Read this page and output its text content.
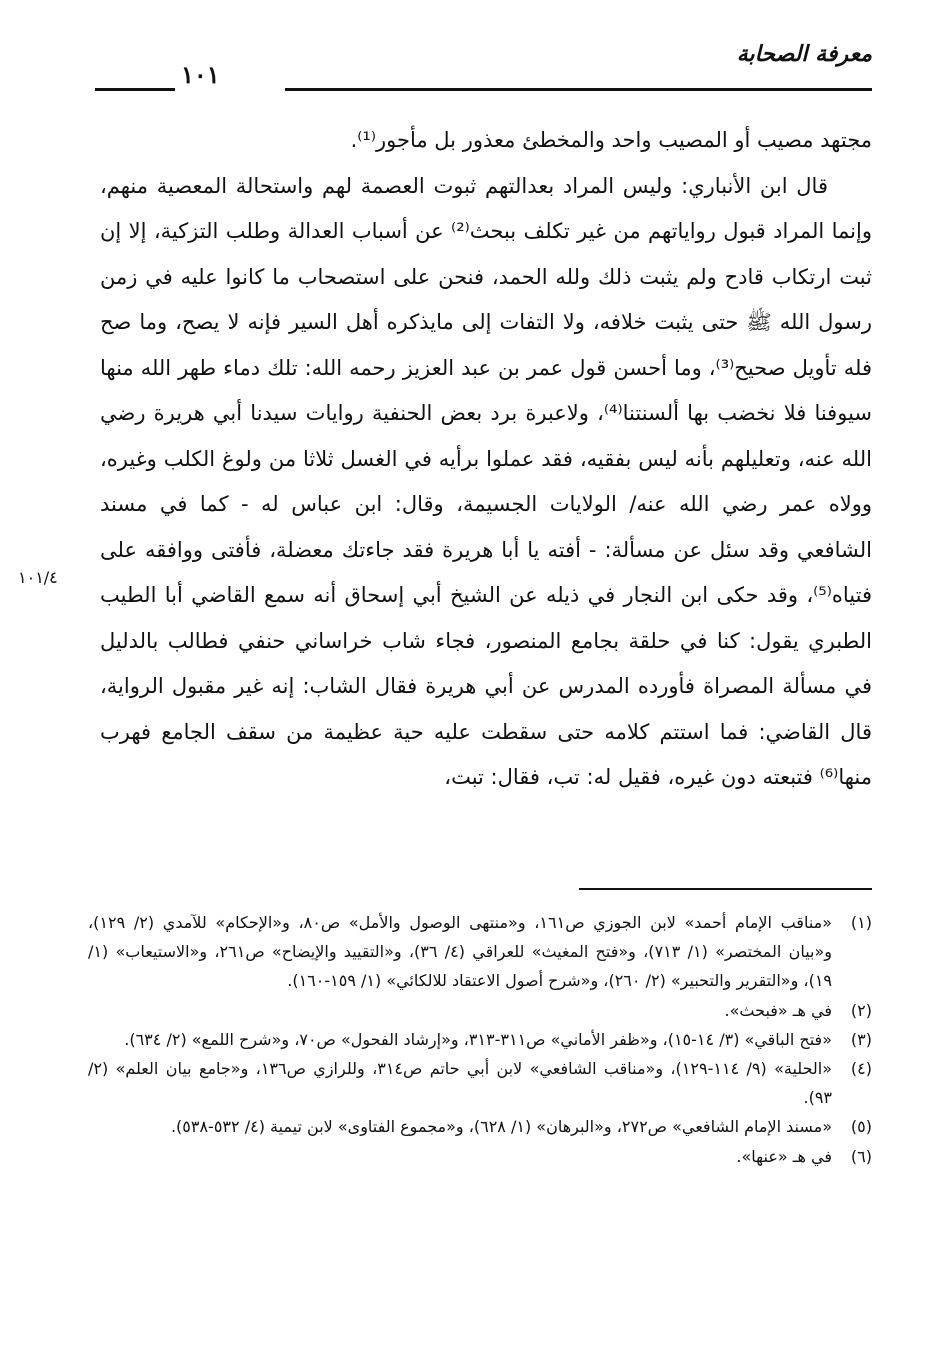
معرفة الصحابة
١٠١

مجتهد مصيب أو المصيب واحد والمخطئ معذور بل مأجور⁽¹⁾.

قال ابن الأنباري: وليس المراد بعدالتهم ثبوت العصمة لهم واستحالة المعصية منهم، وإنما المراد قبول رواياتهم من غير تكلف ببحث⁽²⁾ عن أسباب العدالة وطلب التزكية، إلا إن ثبت ارتكاب قادح ولم يثبت ذلك ولله الحمد، فنحن على استصحاب ما كانوا عليه في زمن رسول الله ﷺ حتى يثبت خلافه، ولا التفات إلى مايذكره أهل السير فإنه لا يصح، وما صح فله تأويل صحيح⁽³⁾، وما أحسن قول عمر بن عبد العزيز رحمه الله: تلك دماء طهر الله منها سيوفنا فلا نخضب بها ألسنتنا⁽⁴⁾، ولاعبرة برد بعض الحنفية روايات سيدنا أبي هريرة رضي الله عنه، وتعليلهم بأنه ليس بفقيه، فقد عملوا برأيه في الغسل ثلاثا من ولوغ الكلب وغيره، وولاه عمر رضي الله عنه/ الولايات الجسيمة، وقال: ابن عباس له - كما في مسند الشافعي وقد سئل عن مسألة: - أفته يا أبا هريرة فقد جاءتك معضلة، فأفتى ووافقه على فتياه⁽⁵⁾، وقد حكى ابن النجار في ذيله عن الشيخ أبي إسحاق أنه سمع القاضي أبا الطيب الطبري يقول: كنا في حلقة بجامع المنصور، فجاء شاب خراساني حنفي فطالب بالدليل في مسألة المصراة فأورده المدرس عن أبي هريرة فقال الشاب: إنه غير مقبول الرواية، قال القاضي: فما استتم كلامه حتى سقطت عليه حية عظيمة من سقف الجامع فهرب منها⁽⁶⁾ فتبعته دون غيره، فقيل له: تب، فقال: تبت،

١٠١/٤
(١)
«مناقب الإمام أحمد» لابن الجوزي ص١٦١، و«منتهى الوصول والأمل» ص٨٠، و«الإحكام» للآمدي (٢/ ١٢٩)، و«بيان المختصر» (١/ ٧١٣)، و«فتح المغيث» للعراقي (٤/ ٣٦)، و«التقييد والإيضاح» ص٢٦١، و«الاستيعاب» (١/ ١٩)، و«التقرير والتحبير» (٢/ ٢٦٠)، و«شرح أصول الاعتقاد للالكائي» (١/ ١٥٩-١٦٠).
(٢)
في هـ «فبحث».
(٣)
«فتح الباقي» (٣/ ١٤-١٥)، و«ظفر الأماني» ص٣١١-٣١٣، و«إرشاد الفحول» ص٧٠، و«شرح اللمع» (٢/ ٦٣٤).
(٤)
«الحلية» (٩/ ١١٤-١٢٩)، و«مناقب الشافعي» لابن أبي حاتم ص٣١٤، وللرازي ص١٣٦، و«جامع بيان العلم» (٢/ ٩٣).
(٥)
«مسند الإمام الشافعي» ص٢٧٢، و«البرهان» (١/ ٦٢٨)، و«مجموع الفتاوى» لابن تيمية (٤/ ٥٣٢-٥٣٨).
(٦)
في هـ «عنها».
